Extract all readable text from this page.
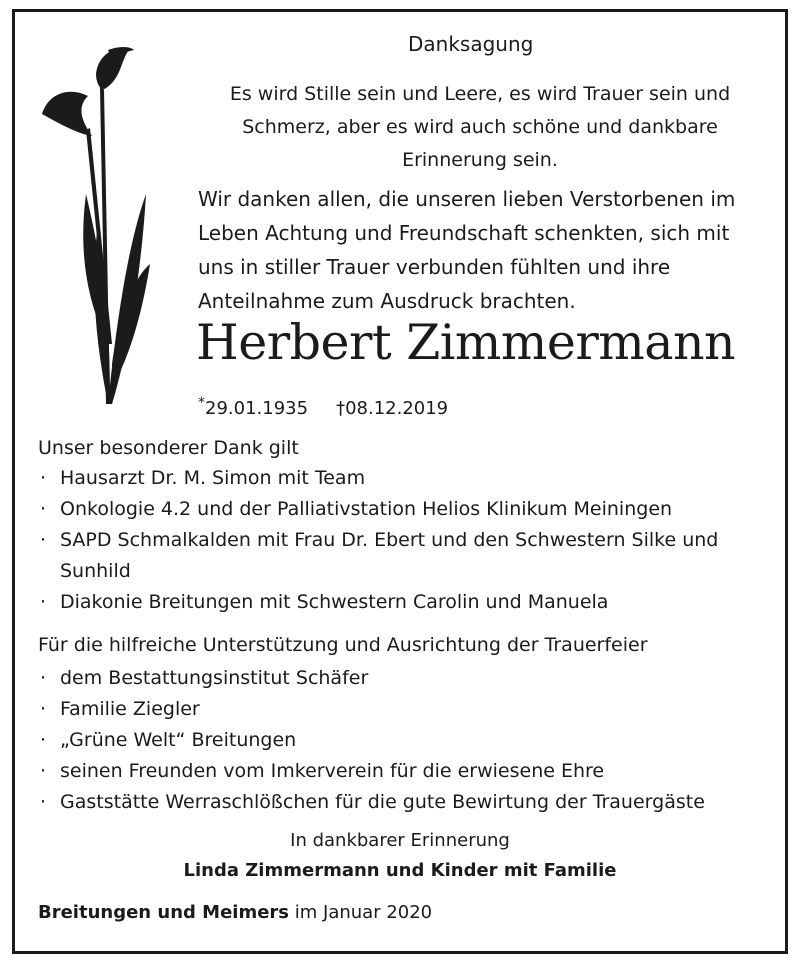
Danksagung
Es wird Stille sein und Leere, es wird Trauer sein und Schmerz, aber es wird auch schöne und dankbare Erinnerung sein.
Wir danken allen, die unseren lieben Verstorbenen im Leben Achtung und Freundschaft schenkten, sich mit uns in stiller Trauer verbunden fühlten und ihre Anteilnahme zum Ausdruck brachten.
Herbert Zimmermann
*29.01.1935 †08.12.2019
Unser besonderer Dank gilt
· Hausarzt Dr. M. Simon mit Team
· Onkologie 4.2 und der Palliativstation Helios Klinikum Meiningen
· SAPD Schmalkalden mit Frau Dr. Ebert und den Schwestern Silke und Sunhild
· Diakonie Breitungen mit Schwestern Carolin und Manuela
Für die hilfreiche Unterstützung und Ausrichtung der Trauerfeier
· dem Bestattungsinstitut Schäfer
· Familie Ziegler
· „Grüne Welt“ Breitungen
· seinen Freunden vom Imkerverein für die erwiesene Ehre
· Gaststätte Werraschlößchen für die gute Bewirtung der Trauergäste
In dankbarer Erinnerung
Linda Zimmermann und Kinder mit Familie
Breitungen und Meimers im Januar 2020
